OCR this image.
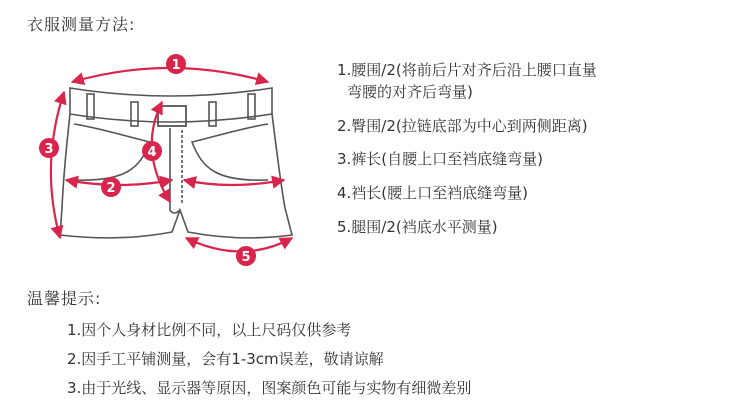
衣服测量方法:
1
2
3	4
5
1.腰围/2(将前后片对齐后沿上腰口直量
弯腰的对齐后弯量)
2.臀围/2(拉链底部为中心到两侧距离)
3.裤长(自腰上口至裆底缝弯量)
4.裆长(腰上口至裆底缝弯量)
5.腿围/2(裆底水平测量)
温馨提示:
1.因个人身材比例不同，以上尺码仅供参考
2.因手工平铺测量，会有1-3cm误差，敬请谅解
3.由于光线、显示器等原因，图案颜色可能与实物有细微差别
